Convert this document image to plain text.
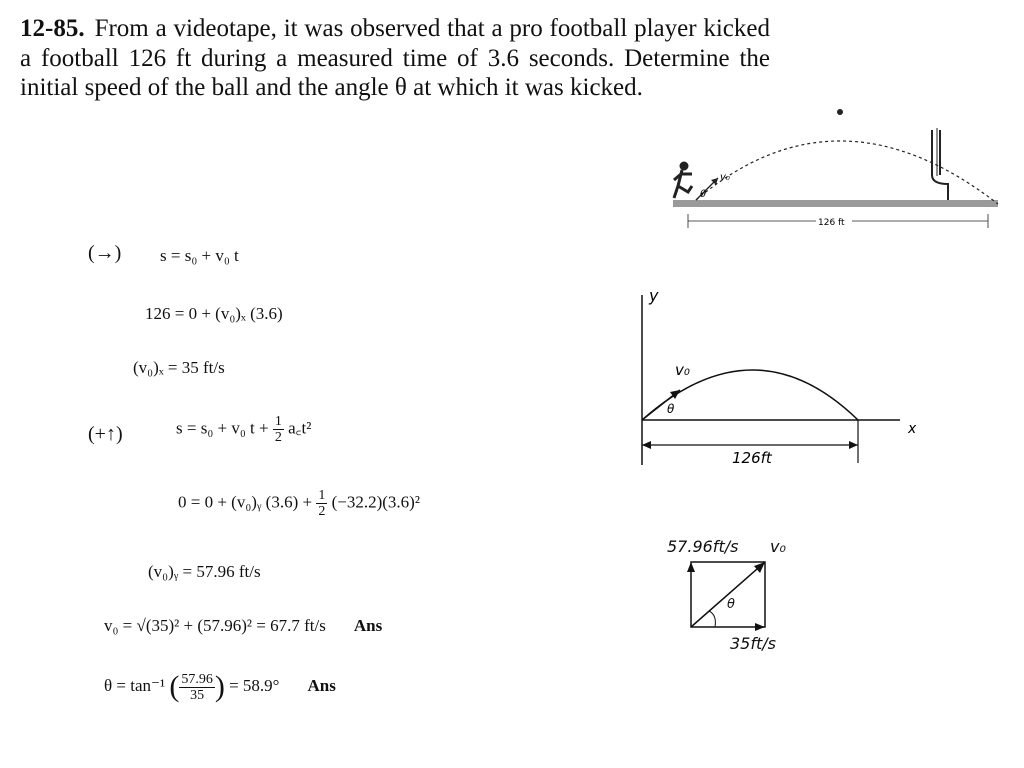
12-85. From a videotape, it was observed that a pro football player kicked a football 126 ft during a measured time of 3.6 seconds. Determine the initial speed of the ball and the angle θ at which it was kicked.
v₀
θ
126 ft
(→) s = s₀ + v₀ t
126 = 0 + (v₀)ₓ (3.6)
(v₀)ₓ = 35 ft/s
(+↑)	s = s₀ + v₀ $t + \frac{1}{2}$ a꜀t²
0 = 0 + (v₀)ᵧ $(3.6) + \frac{1}{2} (-32.2)(3.6)^2$
(v₀)ᵧ = 57.96 ft/s
v₀ = √(35)² + (57.96)² = 67.7 ft/s Ans
θ = tan⁻¹ ( $\frac{57.96}{35}$ ) = 58.9° Ans
y
x
v₀
θ
126ft
57.96ft/s v₀
θ
35ft/s
